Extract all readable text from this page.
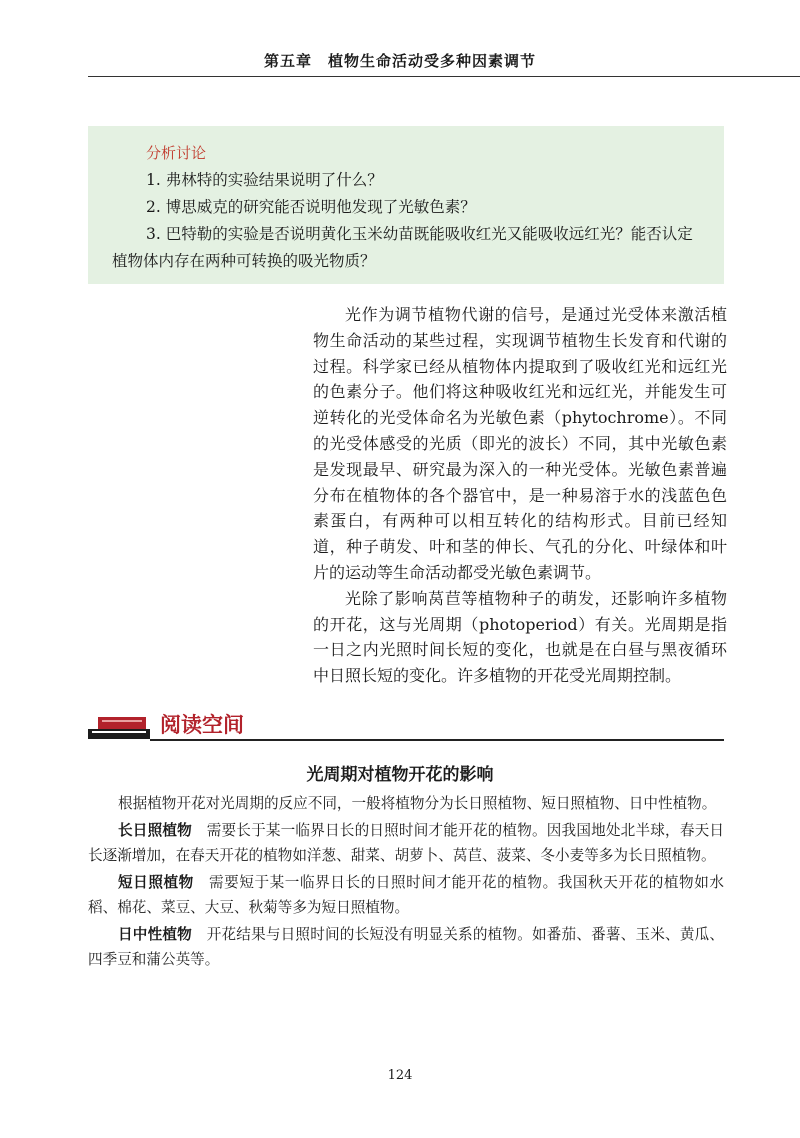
第五章　植物生命活动受多种因素调节
分析讨论

1. 弗林特的实验结果说明了什么？

2. 博思威克的研究能否说明他发现了光敏色素？

3. 巴特勒的实验是否说明黄化玉米幼苗既能吸收红光又能吸收远红光？能否认定植物体内存在两种可转换的吸光物质？

光作为调节植物代谢的信号，是通过光受体来激活植物生命活动的某些过程，实现调节植物生长发育和代谢的过程。科学家已经从植物体内提取到了吸收红光和远红光的色素分子。他们将这种吸收红光和远红光，并能发生可逆转化的光受体命名为光敏色素（phytochrome）。不同的光受体感受的光质（即光的波长）不同，其中光敏色素是发现最早、研究最为深入的一种光受体。光敏色素普遍分布在植物体的各个器官中，是一种易溶于水的浅蓝色色素蛋白，有两种可以相互转化的结构形式。目前已经知道，种子萌发、叶和茎的伸长、气孔的分化、叶绿体和叶片的运动等生命活动都受光敏色素调节。

光除了影响莴苣等植物种子的萌发，还影响许多植物的开花，这与光周期（photoperiod）有关。光周期是指一日之内光照时间长短的变化，也就是在白昼与黑夜循环中日照长短的变化。许多植物的开花受光周期控制。

阅读空间
光周期对植物开花的影响

根据植物开花对光周期的反应不同，一般将植物分为长日照植物、短日照植物、日中性植物。

长日照植物　需要长于某一临界日长的日照时间才能开花的植物。因我国地处北半球，春天日长逐渐增加，在春天开花的植物如洋葱、甜菜、胡萝卜、莴苣、菠菜、冬小麦等多为长日照植物。

短日照植物　需要短于某一临界日长的日照时间才能开花的植物。我国秋天开花的植物如水稻、棉花、菜豆、大豆、秋菊等多为短日照植物。

日中性植物　开花结果与日照时间的长短没有明显关系的植物。如番茄、番薯、玉米、黄瓜、四季豆和蒲公英等。

124
